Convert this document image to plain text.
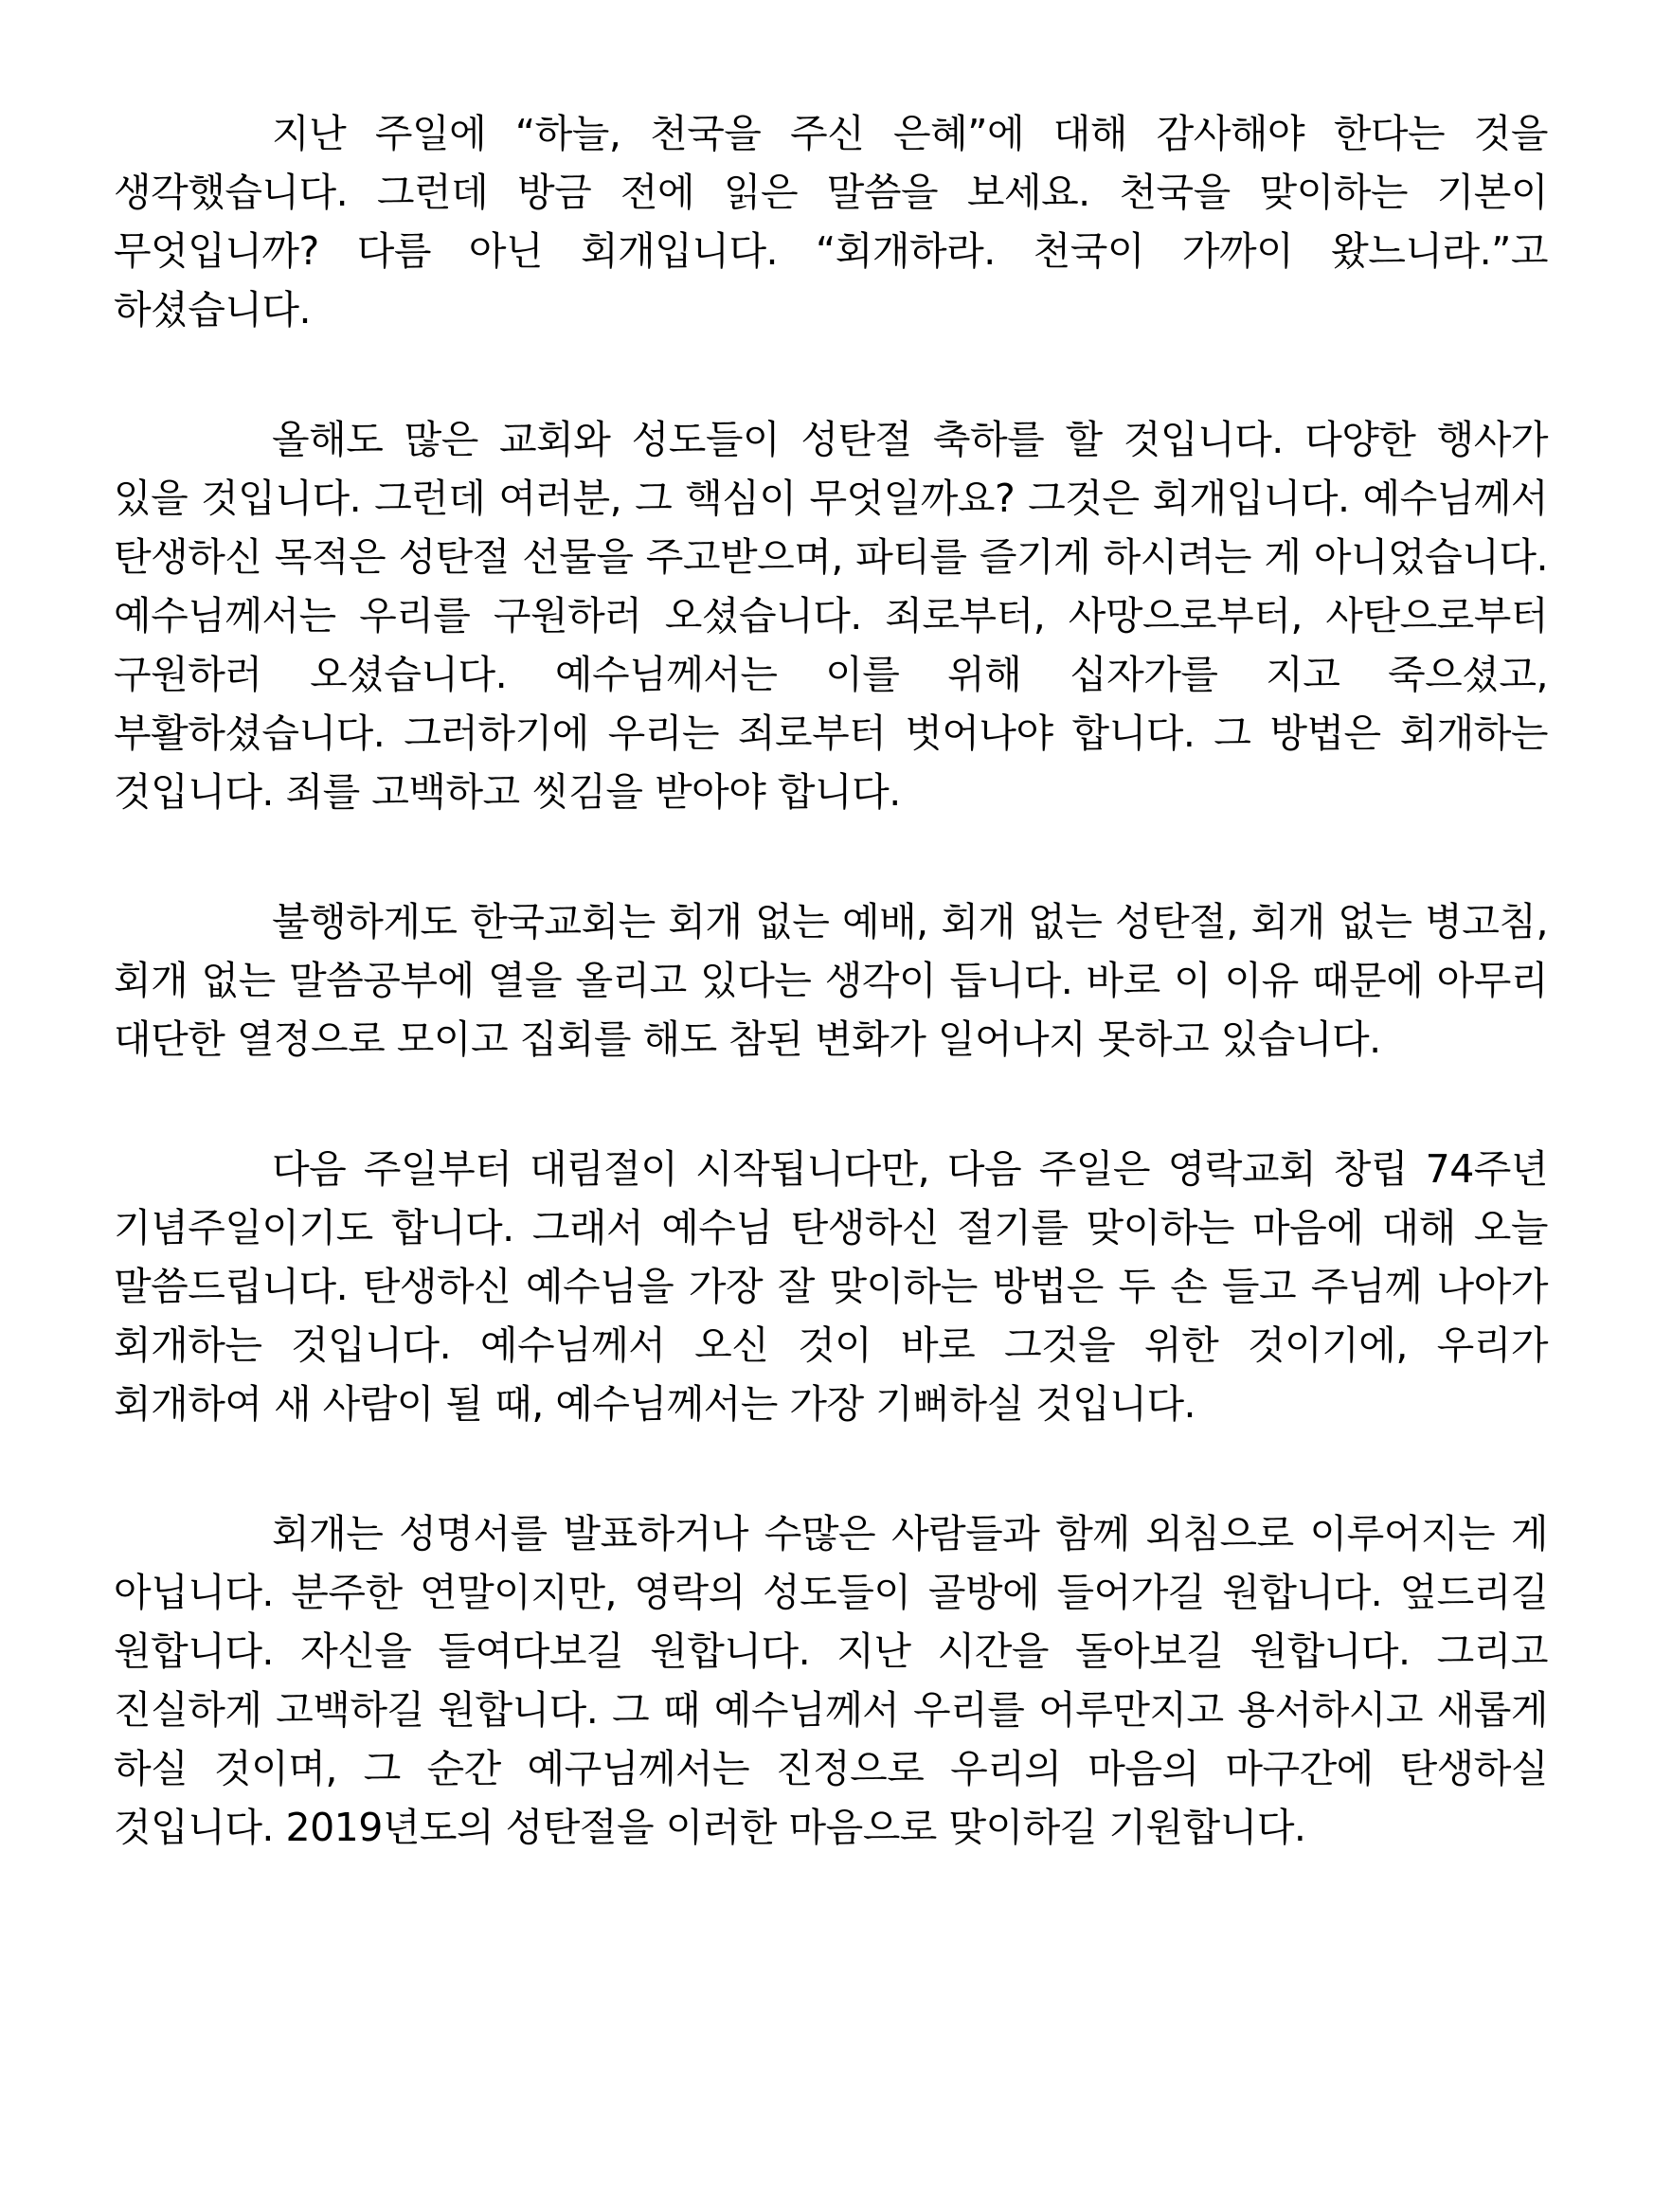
지난 주일에 “하늘, 천국을 주신 은혜”에 대해 감사해야 한다는 것을 생각했습니다. 그런데 방금 전에 읽은 말씀을 보세요. 천국을 맞이하는 기본이 무엇입니까? 다름 아닌 회개입니다. “회개하라. 천국이 가까이 왔느니라.”고 하셨습니다.

올해도 많은 교회와 성도들이 성탄절 축하를 할 것입니다. 다양한 행사가 있을 것입니다. 그런데 여러분, 그 핵심이 무엇일까요? 그것은 회개입니다. 예수님께서 탄생하신 목적은 성탄절 선물을 주고받으며, 파티를 즐기게 하시려는 게 아니었습니다. 예수님께서는 우리를 구원하러 오셨습니다. 죄로부터, 사망으로부터, 사탄으로부터 구원하러 오셨습니다. 예수님께서는 이를 위해 십자가를 지고 죽으셨고, 부활하셨습니다. 그러하기에 우리는 죄로부터 벗어나야 합니다. 그 방법은 회개하는 것입니다. 죄를 고백하고 씻김을 받아야 합니다.

불행하게도 한국교회는 회개 없는 예배, 회개 없는 성탄절, 회개 없는 병고침, 회개 없는 말씀공부에 열을 올리고 있다는 생각이 듭니다. 바로 이 이유 때문에 아무리 대단한 열정으로 모이고 집회를 해도 참된 변화가 일어나지 못하고 있습니다.

다음 주일부터 대림절이 시작됩니다만, 다음 주일은 영락교회 창립 74주년 기념주일이기도 합니다. 그래서 예수님 탄생하신 절기를 맞이하는 마음에 대해 오늘 말씀드립니다. 탄생하신 예수님을 가장 잘 맞이하는 방법은 두 손 들고 주님께 나아가 회개하는 것입니다. 예수님께서 오신 것이 바로 그것을 위한 것이기에, 우리가 회개하여 새 사람이 될 때, 예수님께서는 가장 기뻐하실 것입니다.

회개는 성명서를 발표하거나 수많은 사람들과 함께 외침으로 이루어지는 게 아닙니다. 분주한 연말이지만, 영락의 성도들이 골방에 들어가길 원합니다. 엎드리길 원합니다. 자신을 들여다보길 원합니다. 지난 시간을 돌아보길 원합니다. 그리고 진실하게 고백하길 원합니다. 그 때 예수님께서 우리를 어루만지고 용서하시고 새롭게 하실 것이며, 그 순간 예구님께서는 진정으로 우리의 마음의 마구간에 탄생하실 것입니다. 2019년도의 성탄절을 이러한 마음으로 맞이하길 기원합니다.
